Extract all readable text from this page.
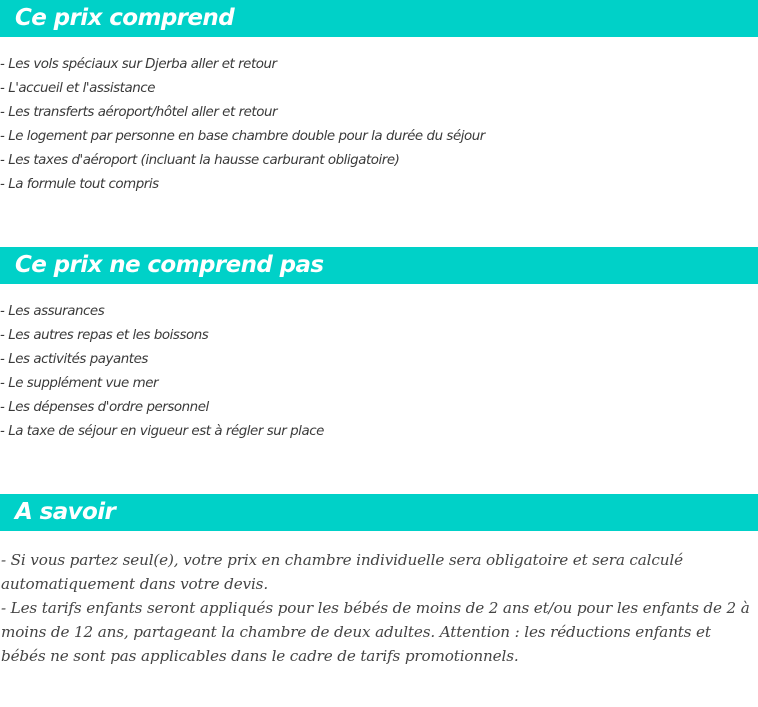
Ce prix comprend
- Les vols spéciaux sur Djerba aller et retour
- L'accueil et l'assistance
- Les transferts aéroport/hôtel aller et retour
- Le logement par personne en base chambre double pour la durée du séjour
- Les taxes d'aéroport (incluant la hausse carburant obligatoire)
- La formule tout compris
Ce prix ne comprend pas
- Les assurances
- Les autres repas et les boissons
- Les activités payantes
- Le supplément vue mer
- Les dépenses d'ordre personnel
- La taxe de séjour en vigueur est à régler sur place
A savoir

- Si vous partez seul(e), votre prix en chambre individuelle sera obligatoire et sera calculé automatiquement dans votre devis.

- Les tarifs enfants seront appliqués pour les bébés de moins de 2 ans et/ou pour les enfants de 2 à moins de 12 ans, partageant la chambre de deux adultes. Attention : les réductions enfants et bébés ne sont pas applicables dans le cadre de tarifs promotionnels.
